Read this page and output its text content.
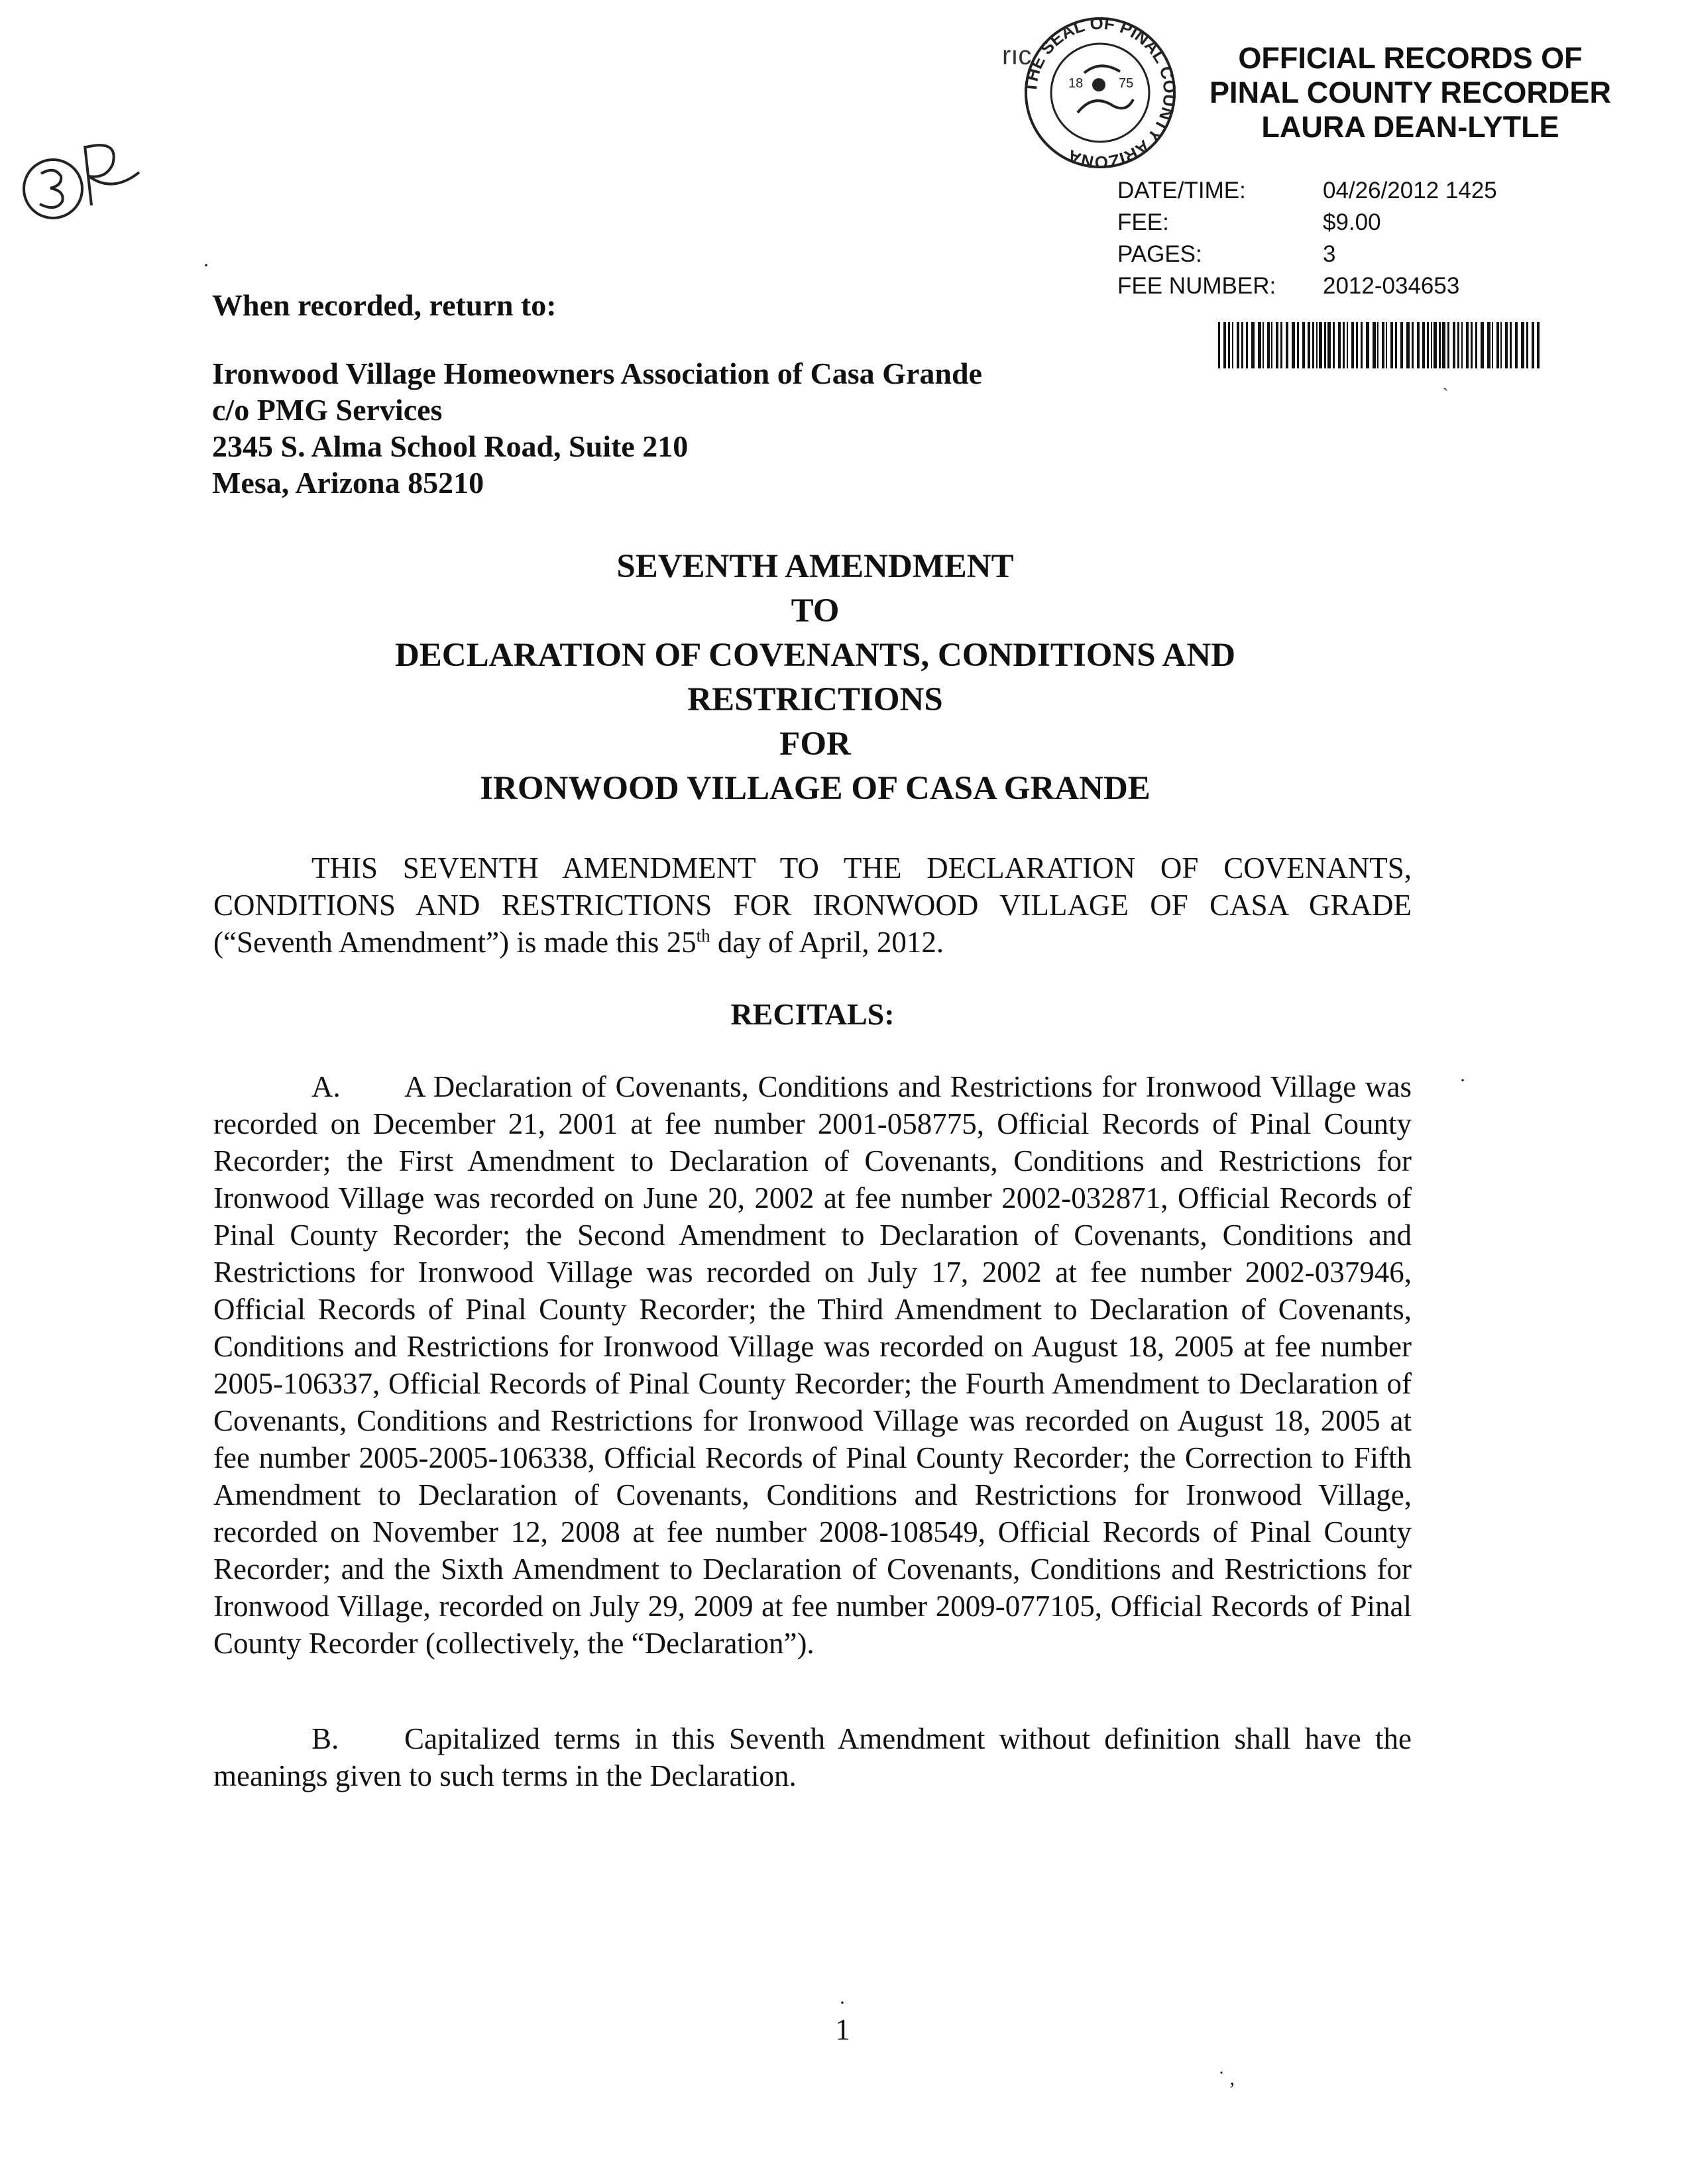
rıc
THE SEAL OF PINAL COUNTY ARIZONA
18	75
OFFICIAL RECORDS OF
PINAL COUNTY RECORDER
LAURA DEAN-LYTLE
DATE/TIME:	04/26/2012 1425
FEE:	$9.00
PAGES:	3
FEE NUMBER:	2012-034653
·
`
·
·
˙ ,
When recorded, return to:
Ironwood Village Homeowners Association of Casa Grande
c/o PMG Services
2345 S. Alma School Road, Suite 210
Mesa, Arizona 85210
SEVENTH AMENDMENT
TO
DECLARATION OF COVENANTS, CONDITIONS AND
RESTRICTIONS
FOR
IRONWOOD VILLAGE OF CASA GRANDE
THIS SEVENTH AMENDMENT TO THE DECLARATION OF COVENANTS, CONDITIONS AND RESTRICTIONS FOR IRONWOOD VILLAGE OF CASA GRADE (“Seventh Amendment”) is made this 25th day of April, 2012.
RECITALS:
A. A Declaration of Covenants, Conditions and Restrictions for Ironwood Village was recorded on December 21, 2001 at fee number 2001-058775, Official Records of Pinal County Recorder; the First Amendment to Declaration of Covenants, Conditions and Restrictions for Ironwood Village was recorded on June 20, 2002 at fee number 2002-032871, Official Records of Pinal County Recorder; the Second Amendment to Declaration of Covenants, Conditions and Restrictions for Ironwood Village was recorded on July 17, 2002 at fee number 2002-037946, Official Records of Pinal County Recorder; the Third Amendment to Declaration of Covenants, Conditions and Restrictions for Ironwood Village was recorded on August 18, 2005 at fee number 2005-106337, Official Records of Pinal County Recorder; the Fourth Amendment to Declaration of Covenants, Conditions and Restrictions for Ironwood Village was recorded on August 18, 2005 at fee number 2005-2005-106338, Official Records of Pinal County Recorder; the Correction to Fifth Amendment to Declaration of Covenants, Conditions and Restrictions for Ironwood Village, recorded on November 12, 2008 at fee number 2008-108549, Official Records of Pinal County Recorder; and the Sixth Amendment to Declaration of Covenants, Conditions and Restrictions for Ironwood Village, recorded on July 29, 2009 at fee number 2009-077105, Official Records of Pinal County Recorder (collectively, the “Declaration”).
B. Capitalized terms in this Seventh Amendment without definition shall have the meanings given to such terms in the Declaration.
1
